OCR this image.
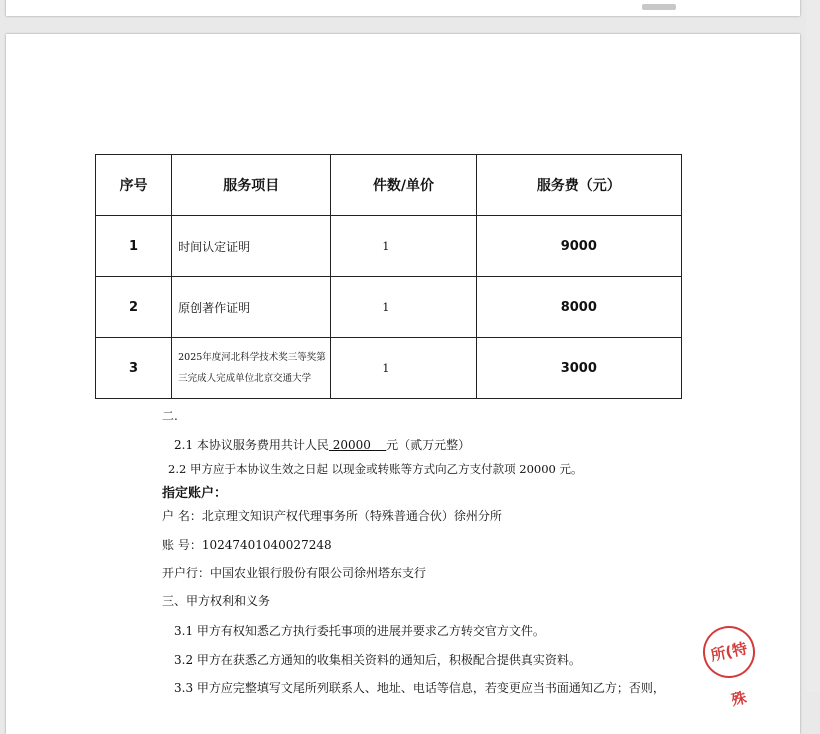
序号	服务项目	件数/单价	服务费（元）
1	时间认定证明	1	9000
2	原创著作证明	1	8000
3	2025年度河北科学技术奖三等奖第三完成人完成单位北京交通大学	1	3000
二.
2.1 本协议服务费用共计人民 20000    元（贰万元整）
2.2 甲方应于本协议生效之日起 以现金或转账等方式向乙方支付款项 20000 元。
指定账户：
户 名：北京理文知识产权代理事务所（特殊普通合伙）徐州分所
账 号：10247401040027248
开户行：中国农业银行股份有限公司徐州塔东支行
三、甲方权利和义务
3.1 甲方有权知悉乙方执行委托事项的进展并要求乙方转交官方文件。
3.2 甲方在获悉乙方通知的收集相关资料的通知后，积极配合提供真实资料。
3.3 甲方应完整填写文尾所列联系人、地址、电话等信息，若变更应当书面通知乙方；否则，
所(特殊
